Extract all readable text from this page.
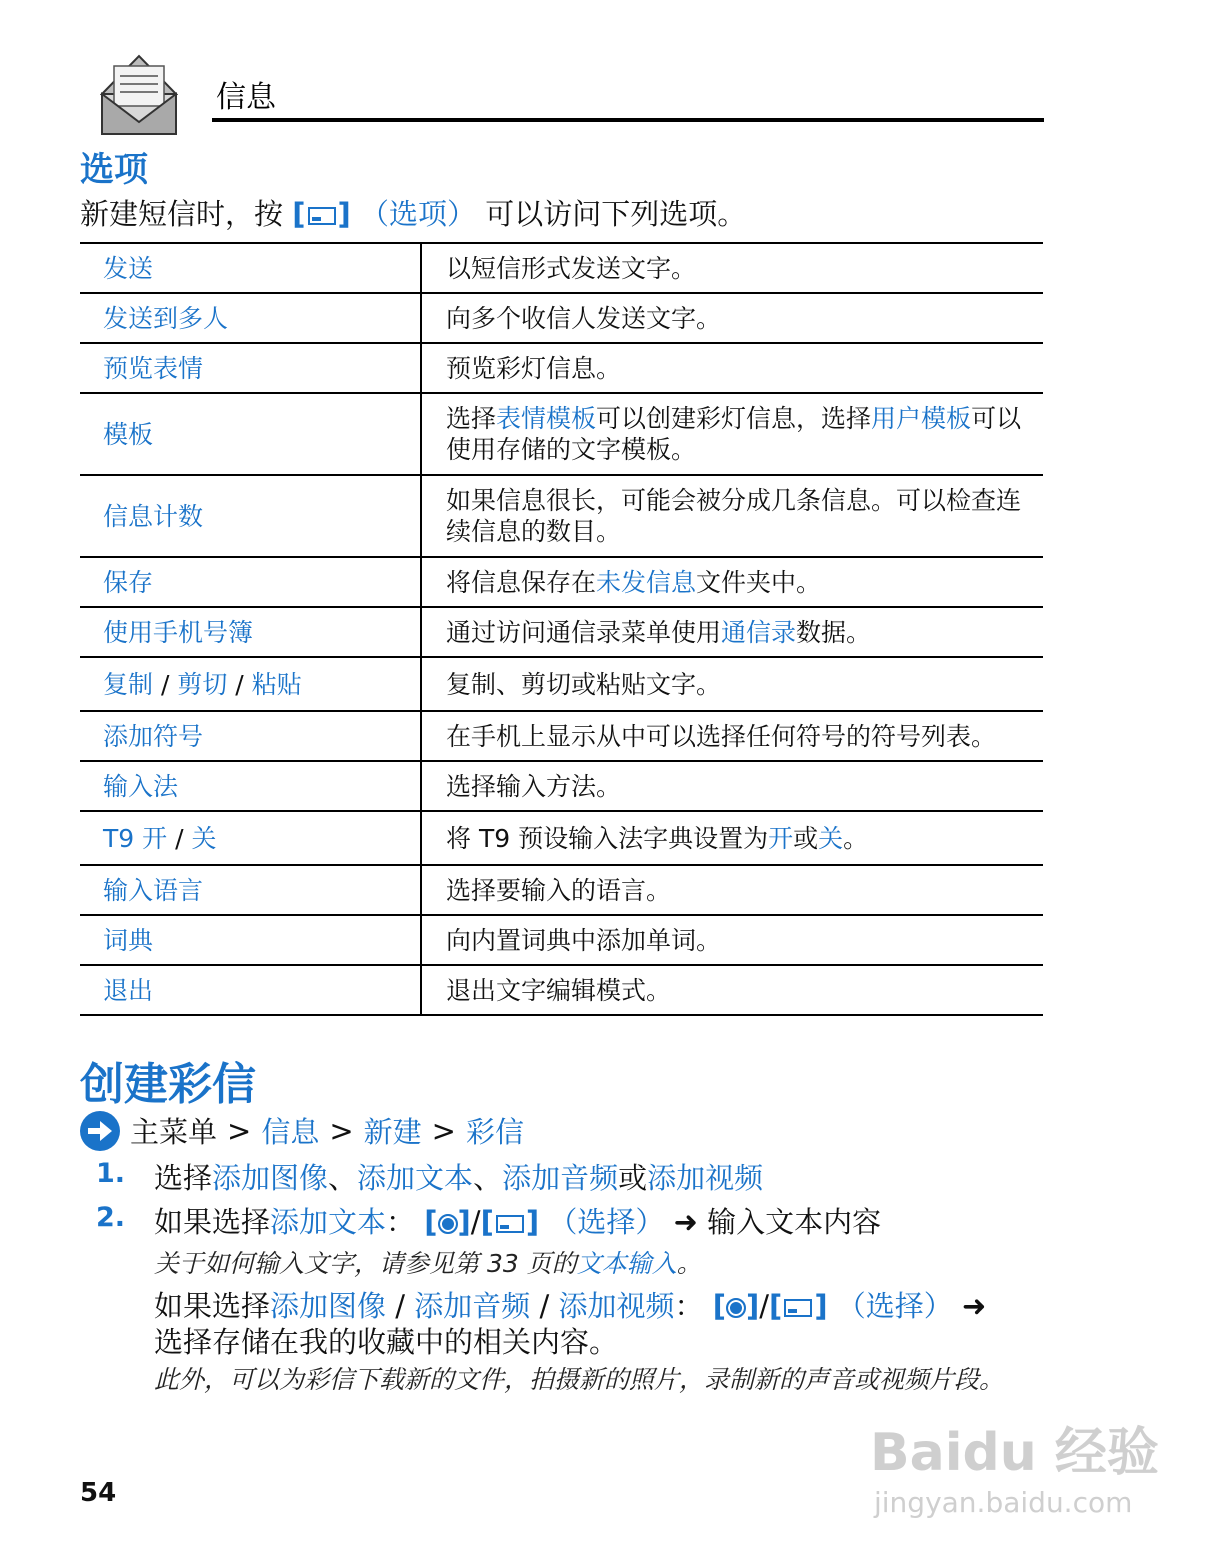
信息
选项
新建短信时，按 [ ] （选项） 可以访问下列选项。
发送	以短信形式发送文字。
发送到多人	向多个收信人发送文字。
预览表情	预览彩灯信息。
模板	选择表情模板可以创建彩灯信息，选择用户模板可以使用存储的文字模板。
信息计数	如果信息很长，可能会被分成几条信息。可以检查连续信息的数目。
保存	将信息保存在未发信息文件夹中。
使用手机号簿	通过访问通信录菜单使用通信录数据。
复制 / 剪切 / 粘贴	复制、剪切或粘贴文字。
添加符号	在手机上显示从中可以选择任何符号的符号列表。
输入法	选择输入方法。
T9 开 / 关	将 T9 预设输入法字典设置为开或关。
输入语言	选择要输入的语言。
词典	向内置词典中添加单词。
退出	退出文字编辑模式。
创建彩信
主菜单 > 信息 > 新建 > 彩信
1. 选择添加图像、添加文本、添加音频或添加视频
2. 如果选择添加文本： [ ]/[ ] （选择） ➜ 输入文本内容
关于如何输入文字，请参见第 33 页的文本输入。
如果选择添加图像 / 添加音频 / 添加视频： [ ]/[ ] （选择） ➜
选择存储在我的收藏中的相关内容。
此外，可以为彩信下载新的文件，拍摄新的照片，录制新的声音或视频片段。
54
Baidu 经验
jingyan.baidu.com
